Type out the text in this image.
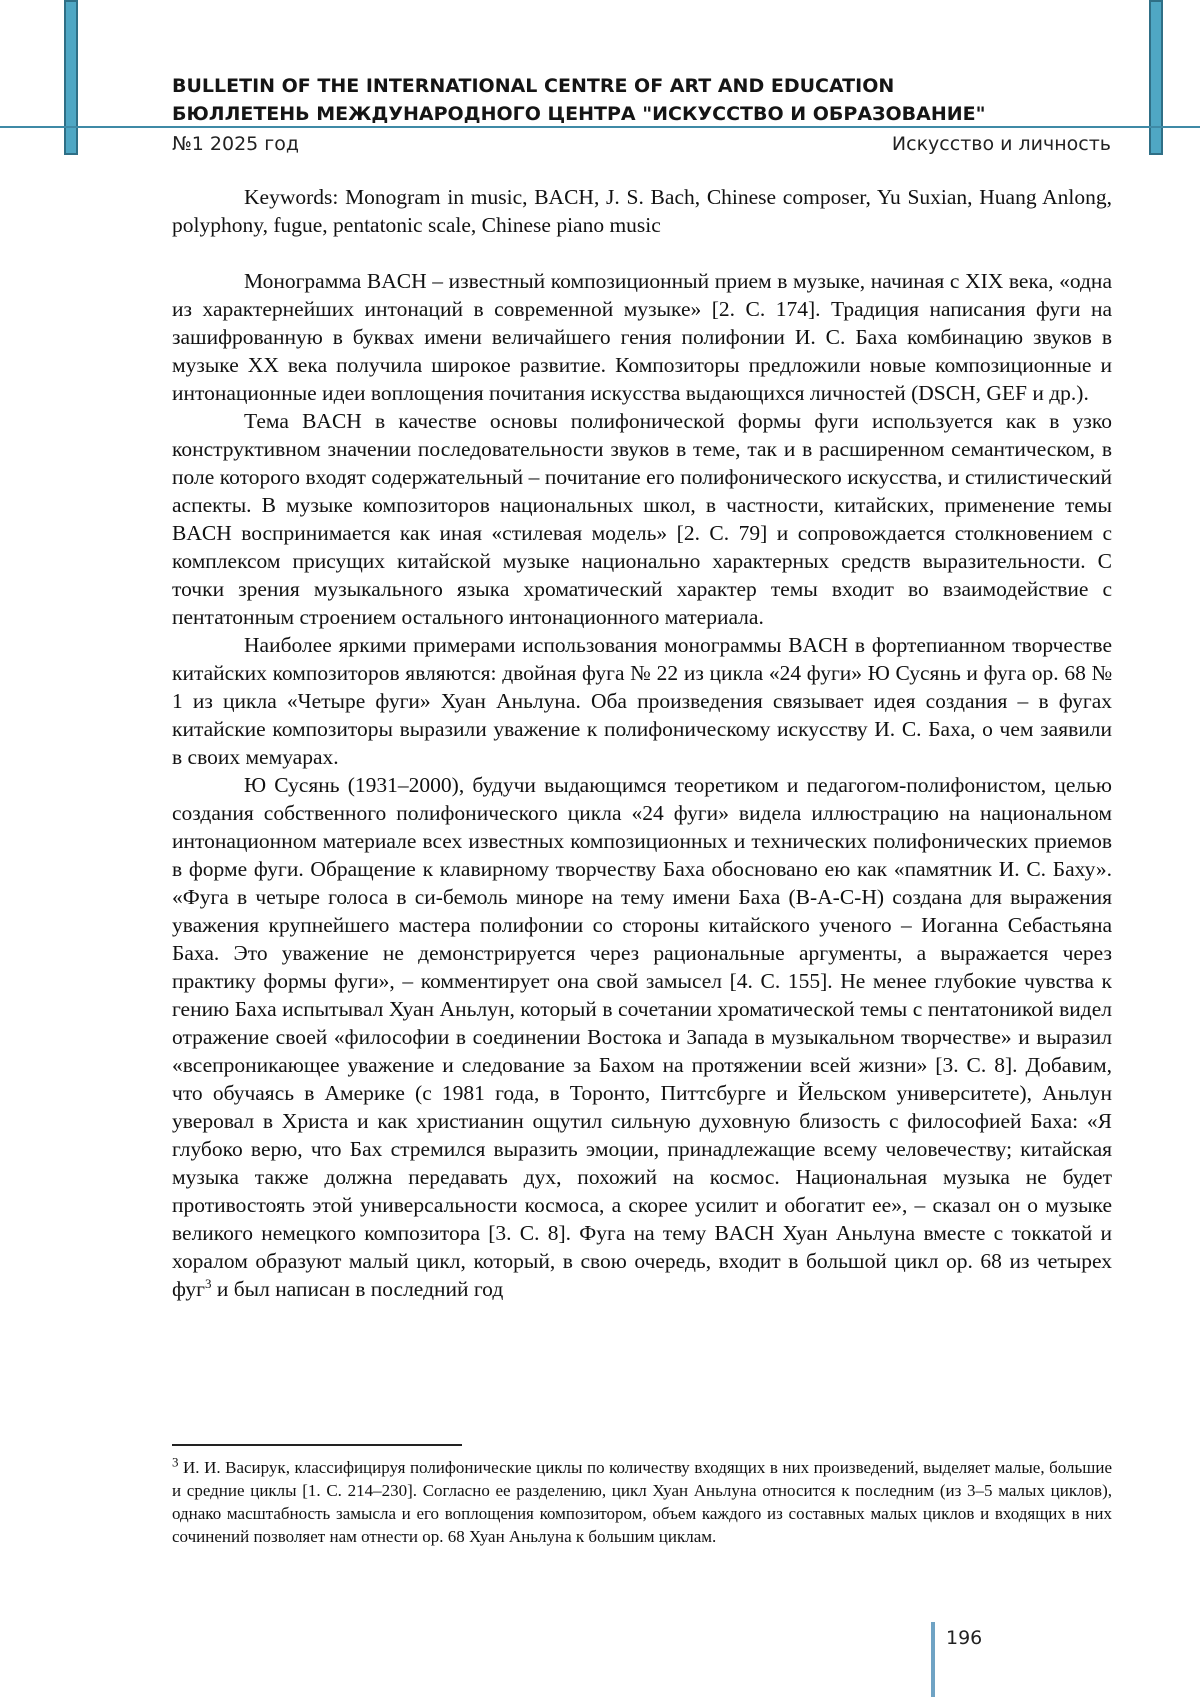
BULLETIN OF THE INTERNATIONAL CENTRE OF ART AND EDUCATION
БЮЛЛЕТЕНЬ МЕЖДУНАРОДНОГО ЦЕНТРА "ИСКУССТВО И ОБРАЗОВАНИЕ"
№1 2025 год	Искусство и личность

Keywords: Monogram in music, BACH, J. S. Bach, Chinese composer, Yu Suxian, Huang Anlong, polyphony, fugue, pentatonic scale, Chinese piano music

Монограмма BACH – известный композиционный прием в музыке, начиная с XIX века, «одна из характернейших интонаций в современной музыке» [2. С. 174]. Традиция написания фуги на зашифрованную в буквах имени величайшего гения полифонии И. С. Баха комбинацию звуков в музыке XX века получила широкое развитие. Композиторы предложили новые композиционные и интонационные идеи воплощения почитания искусства выдающихся личностей (DSCH, GEF и др.).

Тема BACH в качестве основы полифонической формы фуги используется как в узко конструктивном значении последовательности звуков в теме, так и в расширенном семантическом, в поле которого входят содержательный – почитание его полифонического искусства, и стилистический аспекты. В музыке композиторов национальных школ, в частности, китайских, применение темы BACH воспринимается как иная «стилевая модель» [2. С. 79] и сопровождается столкновением с комплексом присущих китайской музыке национально характерных средств выразительности. С точки зрения музыкального языка хроматический характер темы входит во взаимодействие с пентатонным строением остального интонационного материала.

Наиболее яркими примерами использования монограммы BACH в фортепианном творчестве китайских композиторов являются: двойная фуга № 22 из цикла «24 фуги» Ю Сусянь и фуга op. 68 № 1 из цикла «Четыре фуги» Хуан Аньлуна. Оба произведения связывает идея создания – в фугах китайские композиторы выразили уважение к полифоническому искусству И. С. Баха, о чем заявили в своих мемуарах.

Ю Сусянь (1931–2000), будучи выдающимся теоретиком и педагогом-полифонистом, целью создания собственного полифонического цикла «24 фуги» видела иллюстрацию на национальном интонационном материале всех известных композиционных и технических полифонических приемов в форме фуги. Обращение к клавирному творчеству Баха обосновано ею как «памятник И. С. Баху». «Фуга в четыре голоса в си-бемоль миноре на тему имени Баха (B-A-C-H) создана для выражения уважения крупнейшего мастера полифонии со стороны китайского ученого – Иоганна Себастьяна Баха. Это уважение не демонстрируется через рациональные аргументы, а выражается через практику формы фуги», – комментирует она свой замысел [4. С. 155]. Не менее глубокие чувства к гению Баха испытывал Хуан Аньлун, который в сочетании хроматической темы с пентатоникой видел отражение своей «философии в соединении Востока и Запада в музыкальном творчестве» и выразил «всепроникающее уважение и следование за Бахом на протяжении всей жизни» [3. С. 8]. Добавим, что обучаясь в Америке (с 1981 года, в Торонто, Питтсбурге и Йельском университете), Аньлун уверовал в Христа и как христианин ощутил сильную духовную близость с философией Баха: «Я глубоко верю, что Бах стремился выразить эмоции, принадлежащие всему человечеству; китайская музыка также должна передавать дух, похожий на космос. Национальная музыка не будет противостоять этой универсальности космоса, а скорее усилит и обогатит ее», – сказал он о музыке великого немецкого композитора [3. С. 8]. Фуга на тему BACH Хуан Аньлуна вместе с токкатой и хоралом образуют малый цикл, который, в свою очередь, входит в большой цикл op. 68 из четырех фуг$^3$ и был написан в последний год

$^3$ И. И. Васирук, классифицируя полифонические циклы по количеству входящих в них произведений, выделяет малые, большие и средние циклы [1. С. 214–230]. Согласно ее разделению, цикл Хуан Аньлуна относится к последним (из 3–5 малых циклов), однако масштабность замысла и его воплощения композитором, объем каждого из составных малых циклов и входящих в них сочинений позволяет нам отнести op. 68 Хуан Аньлуна к большим циклам.
196
